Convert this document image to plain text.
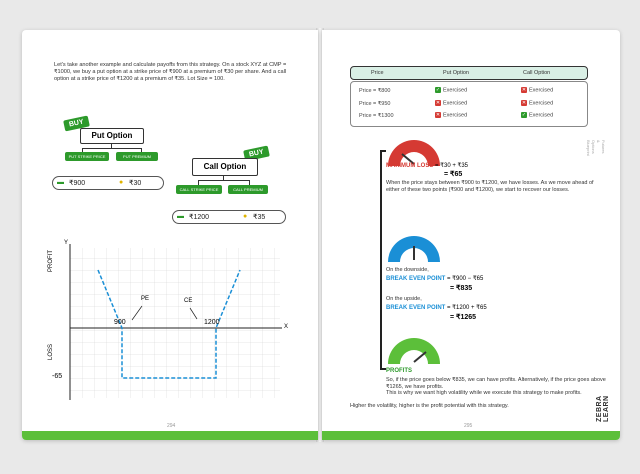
Let's take another example and calculate payoffs from this strategy. On a stock XYZ at CMP = ₹1000, we buy a put option at a strike price of ₹900 at a premium of ₹30 per share. And a call option at a strike price of ₹1200 at a premium of ₹35. Lot Size = 100.

BUY
Put Option
PUT STRIKE PRICE	PUT PREMIUM
▬ ₹900	● ₹30
BUY
Call Option
CALL STRIKE PRICE	CALL PREMIUM
▬ ₹1200	● ₹35
Y
X
PROFIT
LOSS
900	1200
-65
PE	CE
294
Price	Put Option	Call Option
Price = ₹800	✓ Exercised	✕ Exercised
Price = ₹950	✕ Exercised	✕ Exercised
Price = ₹1300	✕ Exercised	✓ Exercised
Futures & Options Blueprint
MAXIMUM LOSS = ₹30 + ₹35
= ₹65

When the price stays between ₹900 to ₹1200, we have losses. As we move ahead of either of these two points (₹900 and ₹1200), we start to recover our losses.

On the downside,

BREAK EVEN POINT = ₹900 − ₹65
= ₹835

On the upside,

BREAK EVEN POINT = ₹1200 + ₹65
= ₹1265
PROFITS

So, if the price goes below ₹835, we can have profits. Alternatively, if the price goes above ₹1265, we have profits.
This is why we want high volatility while we execute this strategy to make profits.

Higher the volatility, higher is the profit potential with this strategy.	ZEBRA LEARN
295
